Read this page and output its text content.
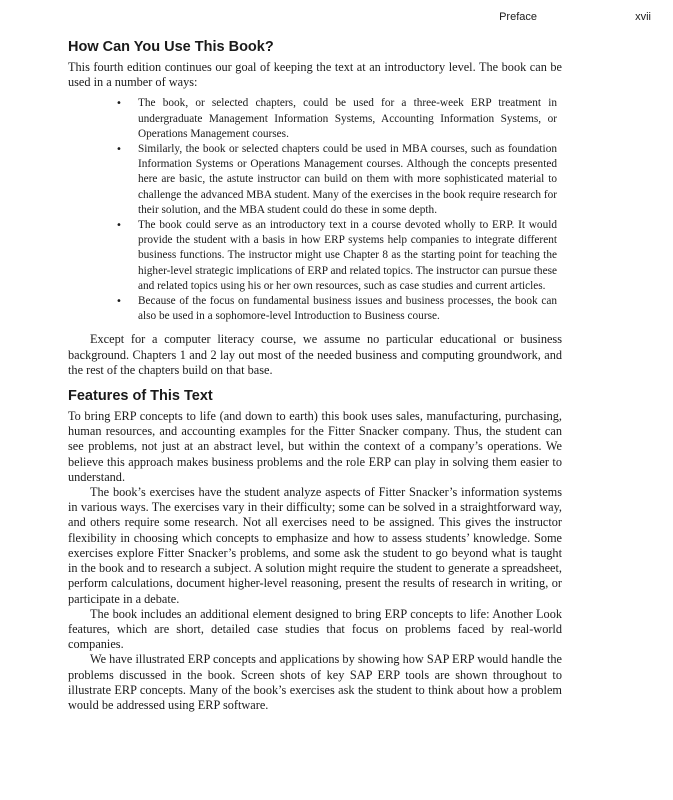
Preface	xvii
How Can You Use This Book?

This fourth edition continues our goal of keeping the text at an introductory level. The book can be used in a number of ways:

• The book, or selected chapters, could be used for a three-week ERP treatment in undergraduate Management Information Systems, Accounting Information Systems, or Operations Management courses.
• Similarly, the book or selected chapters could be used in MBA courses, such as foundation Information Systems or Operations Management courses. Although the concepts presented here are basic, the astute instructor can build on them with more sophisticated material to challenge the advanced MBA student. Many of the exercises in the book require research for their solution, and the MBA student could do these in some depth.
• The book could serve as an introductory text in a course devoted wholly to ERP. It would provide the student with a basis in how ERP systems help companies to integrate different business functions. The instructor might use Chapter 8 as the starting point for teaching the higher-level strategic implications of ERP and related topics. The instructor can pursue these and related topics using his or her own resources, such as case studies and current articles.
• Because of the focus on fundamental business issues and business processes, the book can also be used in a sophomore-level Introduction to Business course.

Except for a computer literacy course, we assume no particular educational or business background. Chapters 1 and 2 lay out most of the needed business and computing groundwork, and the rest of the chapters build on that base.

Features of This Text

To bring ERP concepts to life (and down to earth) this book uses sales, manufacturing, purchasing, human resources, and accounting examples for the Fitter Snacker company. Thus, the student can see problems, not just at an abstract level, but within the context of a company’s operations. We believe this approach makes business problems and the role ERP can play in solving them easier to understand.

The book’s exercises have the student analyze aspects of Fitter Snacker’s information systems in various ways. The exercises vary in their difficulty; some can be solved in a straightforward way, and others require some research. Not all exercises need to be assigned. This gives the instructor flexibility in choosing which concepts to emphasize and how to assess students’ knowledge. Some exercises explore Fitter Snacker’s problems, and some ask the student to go beyond what is taught in the book and to research a subject. A solution might require the student to generate a spreadsheet, perform calculations, document higher-level reasoning, present the results of research in writing, or participate in a debate.

The book includes an additional element designed to bring ERP concepts to life: Another Look features, which are short, detailed case studies that focus on problems faced by real-world companies.

We have illustrated ERP concepts and applications by showing how SAP ERP would handle the problems discussed in the book. Screen shots of key SAP ERP tools are shown throughout to illustrate ERP concepts. Many of the book’s exercises ask the student to think about how a problem would be addressed using ERP software.
